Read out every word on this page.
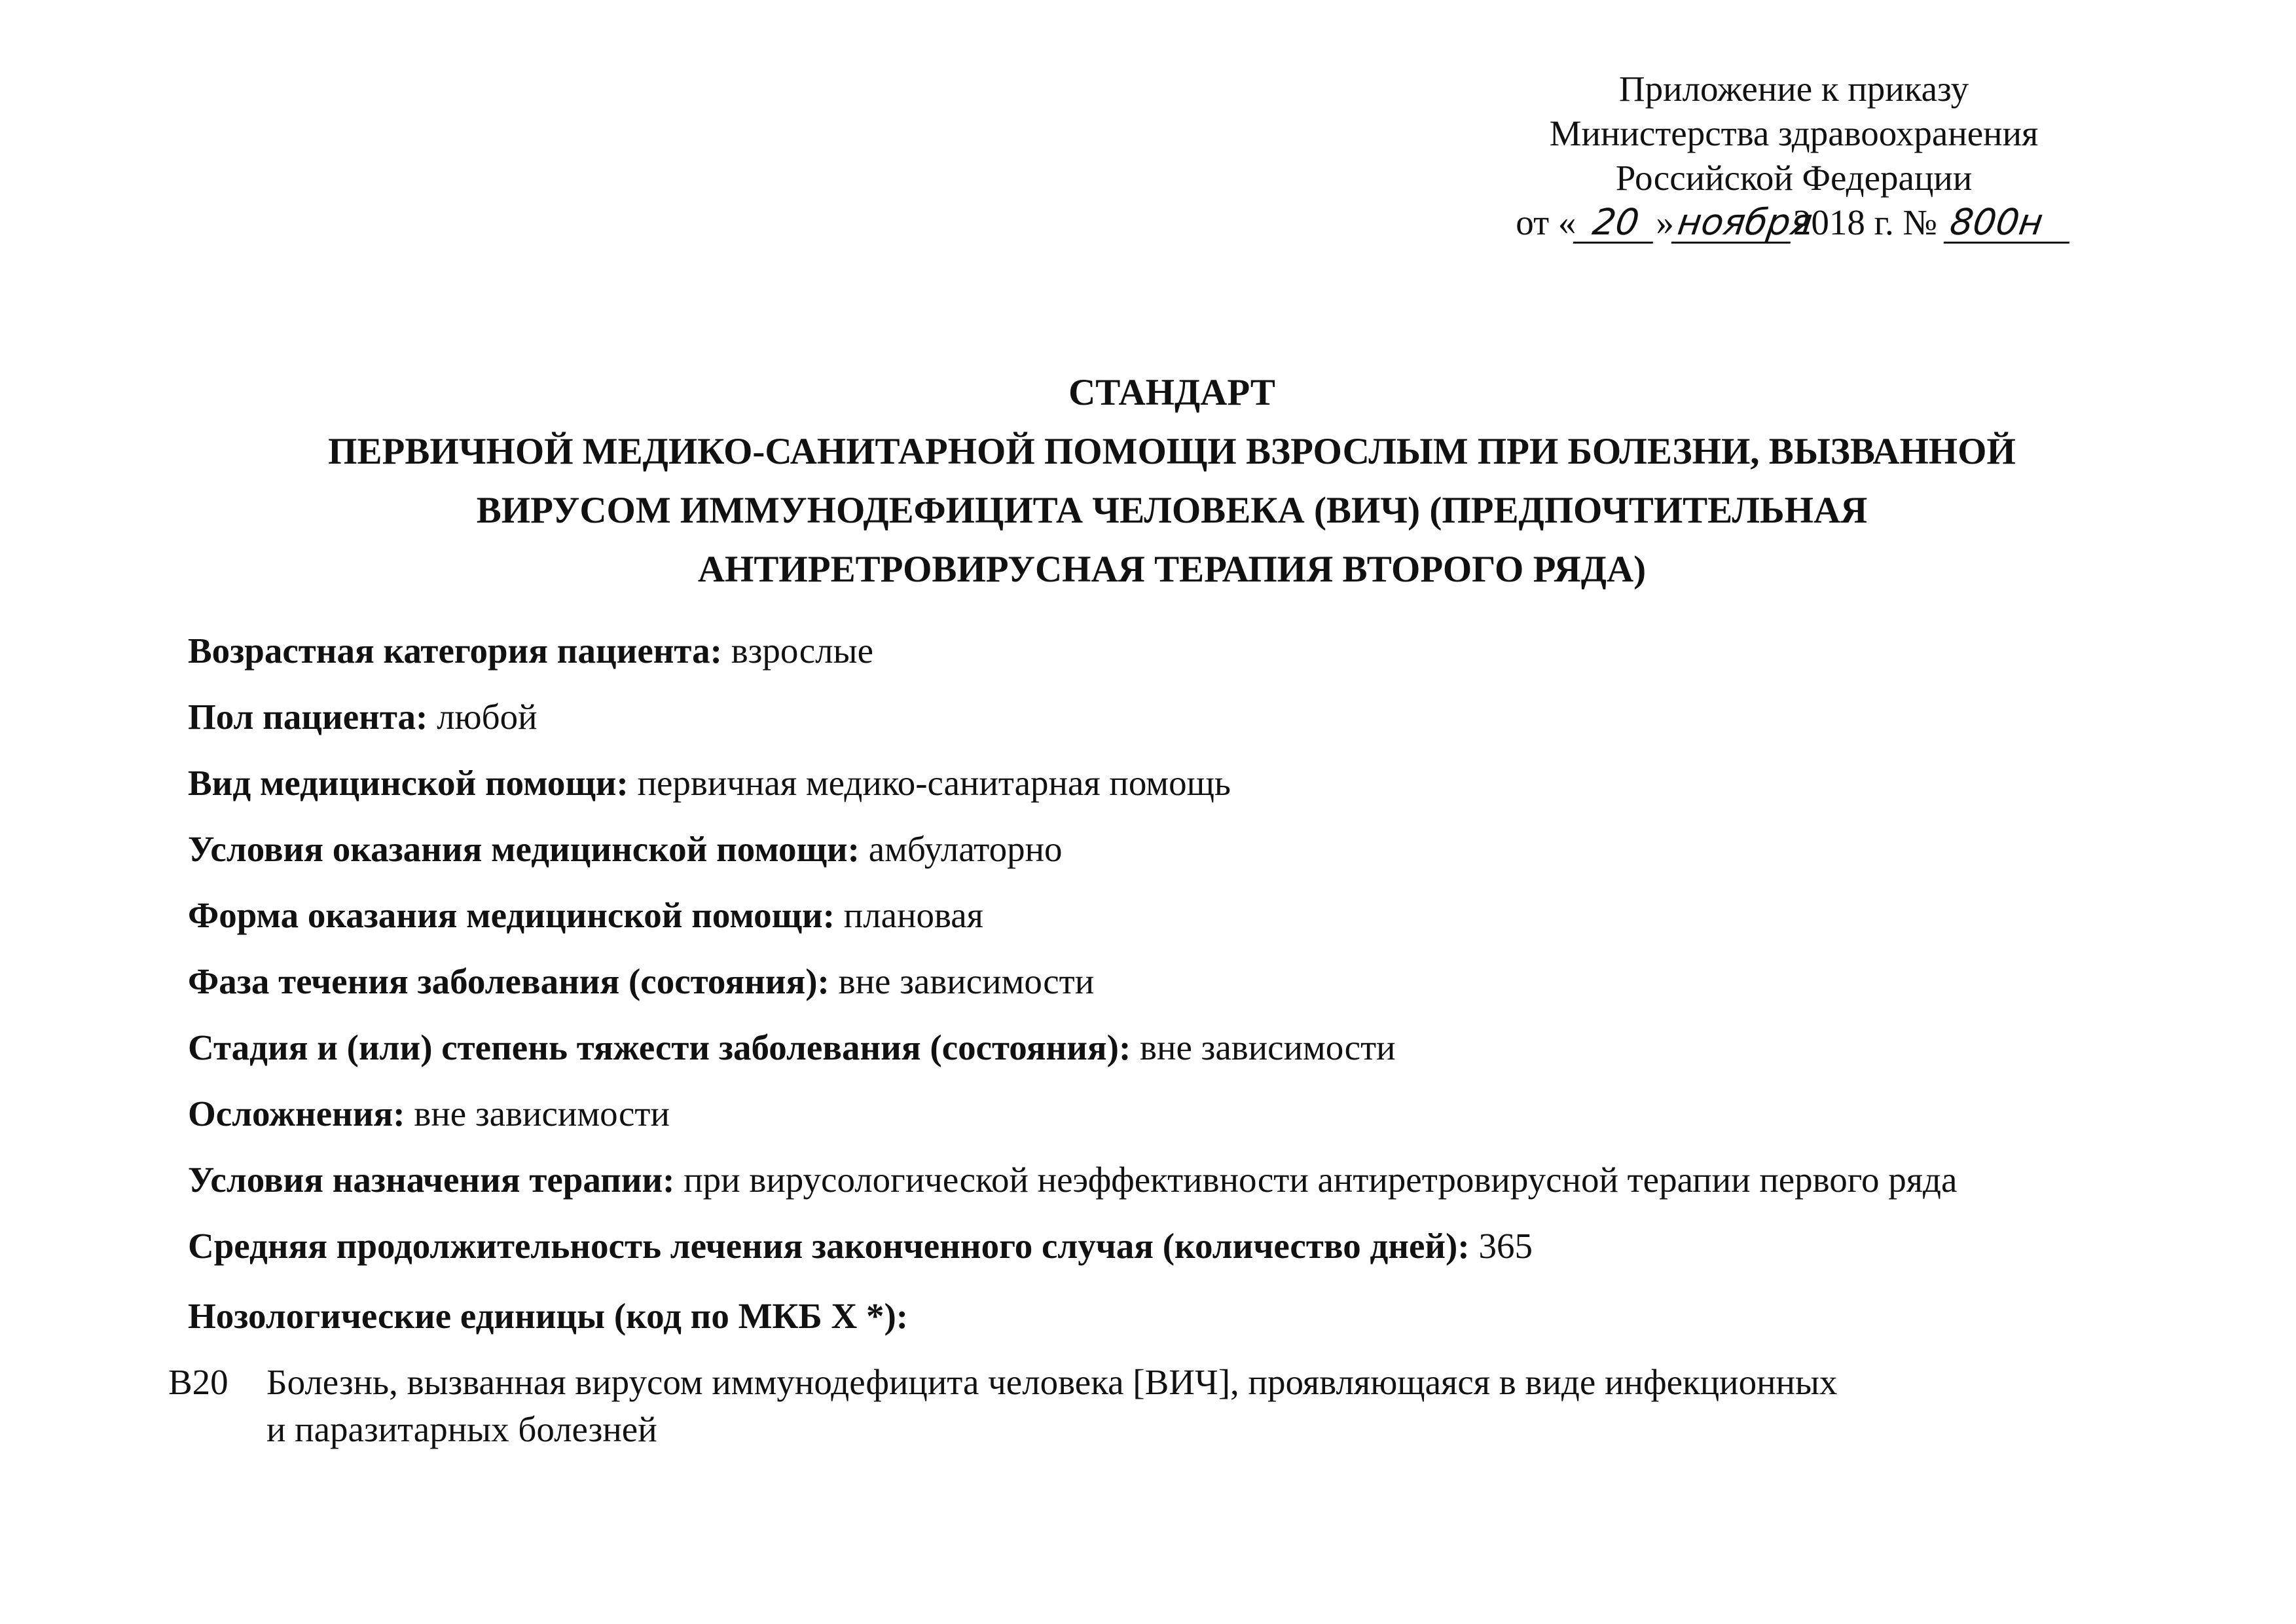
Приложение к приказу
Министерства здравоохранения
Российской Федерации
от « 20 »ноября2018 г. № 800н
СТАНДАРТ
ПЕРВИЧНОЙ МЕДИКО-САНИТАРНОЙ ПОМОЩИ ВЗРОСЛЫМ ПРИ БОЛЕЗНИ, ВЫЗВАННОЙ
ВИРУСОМ ИММУНОДЕФИЦИТА ЧЕЛОВЕКА (ВИЧ) (ПРЕДПОЧТИТЕЛЬНАЯ
АНТИРЕТРОВИРУСНАЯ ТЕРАПИЯ ВТОРОГО РЯДА)
Возрастная категория пациента: взрослые
Пол пациента: любой
Вид медицинской помощи: первичная медико-санитарная помощь
Условия оказания медицинской помощи: амбулаторно
Форма оказания медицинской помощи: плановая
Фаза течения заболевания (состояния): вне зависимости
Стадия и (или) степень тяжести заболевания (состояния): вне зависимости
Осложнения: вне зависимости
Условия назначения терапии: при вирусологической неэффективности антиретровирусной терапии первого ряда
Средняя продолжительность лечения законченного случая (количество дней): 365
Нозологические единицы (код по МКБ X *):
B20 Болезнь, вызванная вирусом иммунодефицита человека [ВИЧ], проявляющаяся в виде инфекционных
и паразитарных болезней
